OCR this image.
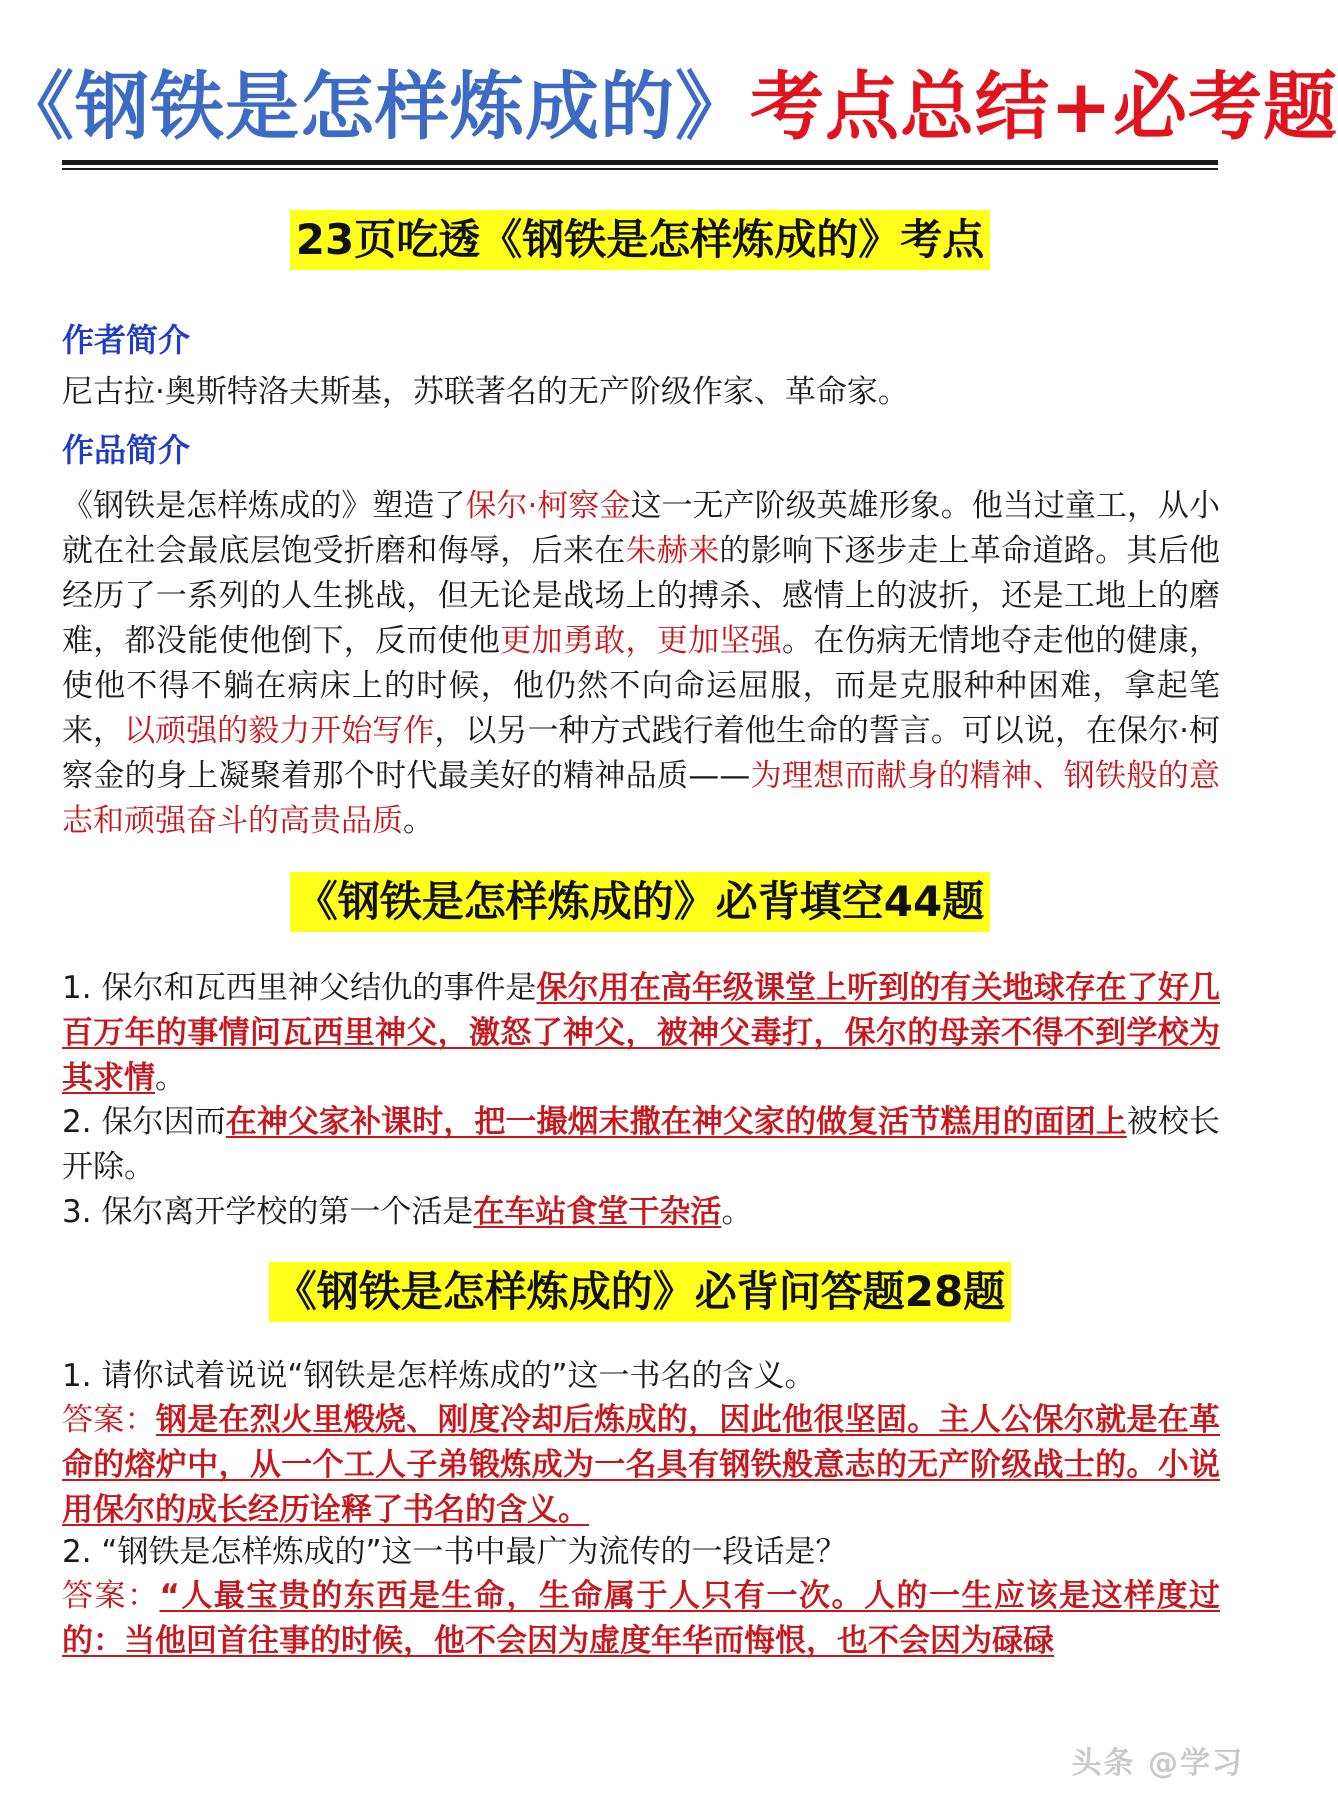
《钢铁是怎样炼成的》考点总结+必考题
23页吃透《钢铁是怎样炼成的》考点
作者简介
尼古拉·奥斯特洛夫斯基，苏联著名的无产阶级作家、革命家。
作品简介
《钢铁是怎样炼成的》塑造了保尔·柯察金这一无产阶级英雄形象。他当过童工，从小就在社会最底层饱受折磨和侮辱，后来在朱赫来的影响下逐步走上革命道路。其后他经历了一系列的人生挑战，但无论是战场上的搏杀、感情上的波折，还是工地上的磨难，都没能使他倒下，反而使他更加勇敢，更加坚强。在伤病无情地夺走他的健康，使他不得不躺在病床上的时候，他仍然不向命运屈服，而是克服种种困难，拿起笔来，以顽强的毅力开始写作，以另一种方式践行着他生命的誓言。可以说，在保尔·柯察金的身上凝聚着那个时代最美好的精神品质——为理想而献身的精神、钢铁般的意志和顽强奋斗的高贵品质。
《钢铁是怎样炼成的》必背填空44题
1. 保尔和瓦西里神父结仇的事件是保尔用在高年级课堂上听到的有关地球存在了好几百万年的事情问瓦西里神父，激怒了神父，被神父毒打，保尔的母亲不得不到学校为其求情。
2. 保尔因而在神父家补课时，把一撮烟末撒在神父家的做复活节糕用的面团上被校长开除。
3. 保尔离开学校的第一个活是在车站食堂干杂活。
《钢铁是怎样炼成的》必背问答题28题
1. 请你试着说说“钢铁是怎样炼成的”这一书名的含义。
答案：钢是在烈火里煅烧、刚度冷却后炼成的，因此他很坚固。主人公保尔就是在革命的熔炉中，从一个工人子弟锻炼成为一名具有钢铁般意志的无产阶级战士的。小说用保尔的成长经历诠释了书名的含义。
2. “钢铁是怎样炼成的”这一书中最广为流传的一段话是？
答案：“人最宝贵的东西是生命，生命属于人只有一次。人的一生应该是这样度过的：当他回首往事的时候，他不会因为虚度年华而悔恨，也不会因为碌碌
头条 @学习
